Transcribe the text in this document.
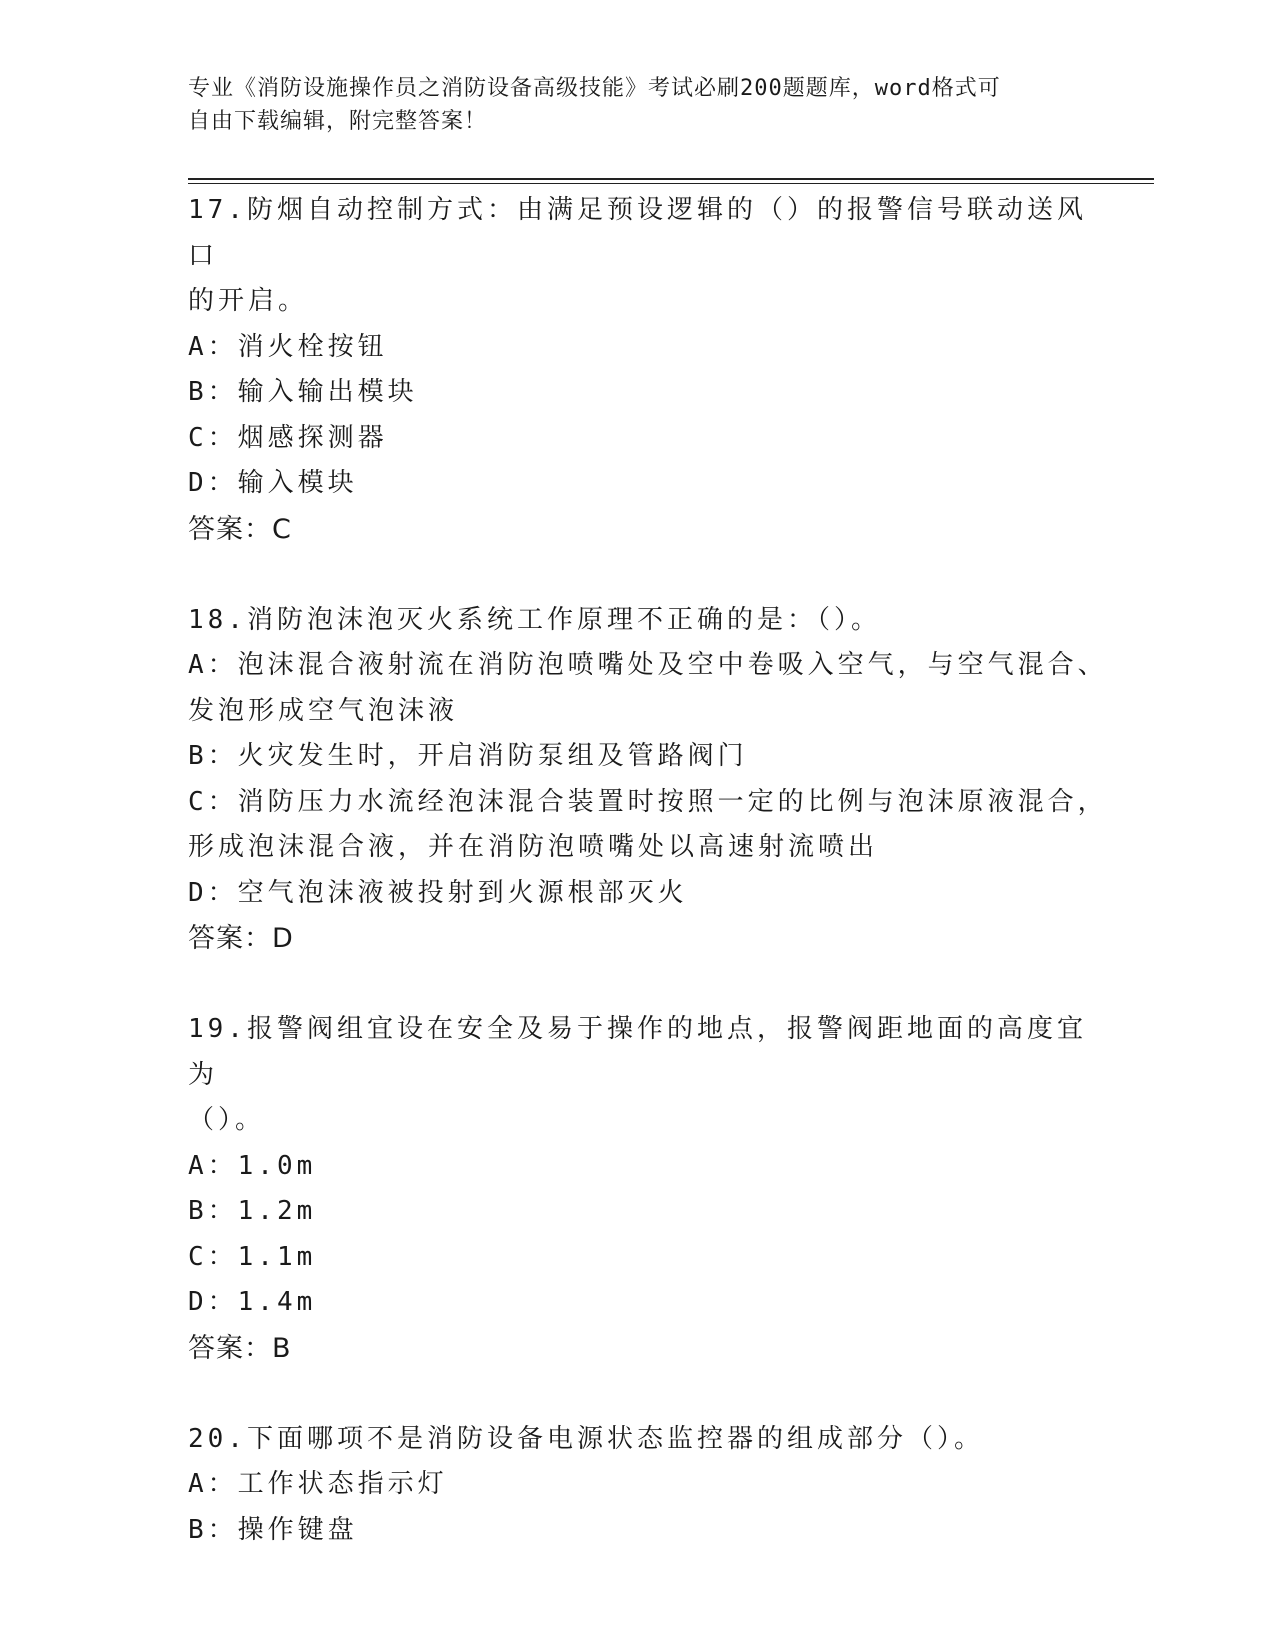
专业《消防设施操作员之消防设备高级技能》考试必刷200题题库，word格式可
自由下载编辑，附完整答案！
17.防烟自动控制方式：由满足预设逻辑的（）的报警信号联动送风口
的开启。
A：消火栓按钮
B：输入输出模块
C：烟感探测器
D：输入模块
答案：C
18.消防泡沫泡灭火系统工作原理不正确的是：（）。
A：泡沫混合液射流在消防泡喷嘴处及空中卷吸入空气，与空气混合、
发泡形成空气泡沫液
B：火灾发生时，开启消防泵组及管路阀门
C：消防压力水流经泡沫混合装置时按照一定的比例与泡沫原液混合，
形成泡沫混合液，并在消防泡喷嘴处以高速射流喷出
D：空气泡沫液被投射到火源根部灭火
答案：D
19.报警阀组宜设在安全及易于操作的地点，报警阀距地面的高度宜为
（）。
A：1.0m
B：1.2m
C：1.1m
D：1.4m
答案：B
20.下面哪项不是消防设备电源状态监控器的组成部分（）。
A：工作状态指示灯
B：操作键盘
